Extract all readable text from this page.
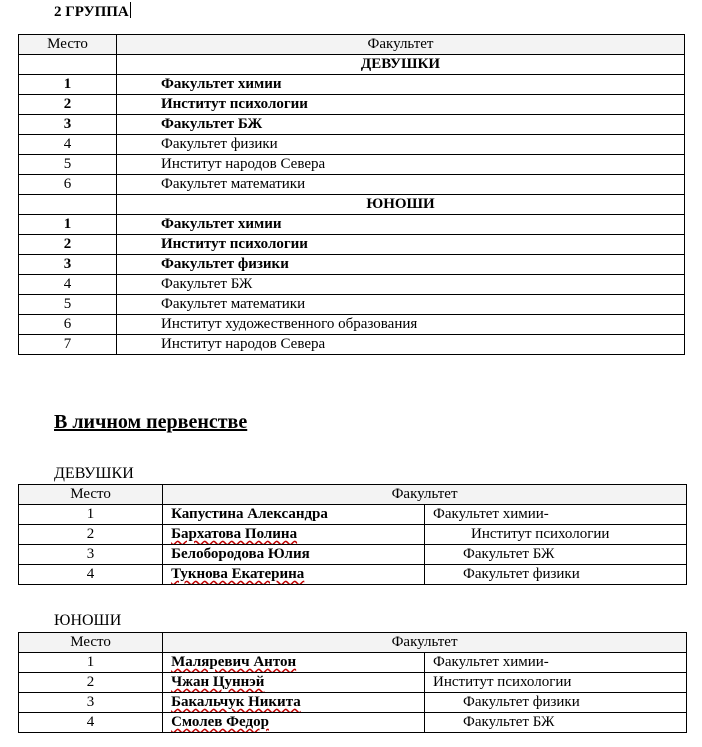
2 ГРУППА
Место	Факультет
	ДЕВУШКИ
1	Факультет химии
2	Институт психологии
3	Факультет БЖ
4	Факультет физики
5	Институт народов Севера
6	Факультет математики
	ЮНОШИ
1	Факультет химии
2	Институт психологии
3	Факультет физики
4	Факультет БЖ
5	Факультет математики
6	Институт художественного образования
7	Институт народов Севера
В личном первенстве
ДЕВУШКИ
Место	Факультет	
1	Капустина Александра	Факультет химии-
2	Бархатова Полина	Институт психологии
3	Белобородова Юлия	Факультет БЖ
4	Тукнова Екатерина	Факультет физики
ЮНОШИ
Место	Факультет	
1	Маляревич Антон	Факультет химии-
2	Чжан Цуннэй	Институт психологии
3	Бакальчук Никита	Факультет физики
4	Смолев Федор	Факультет БЖ
